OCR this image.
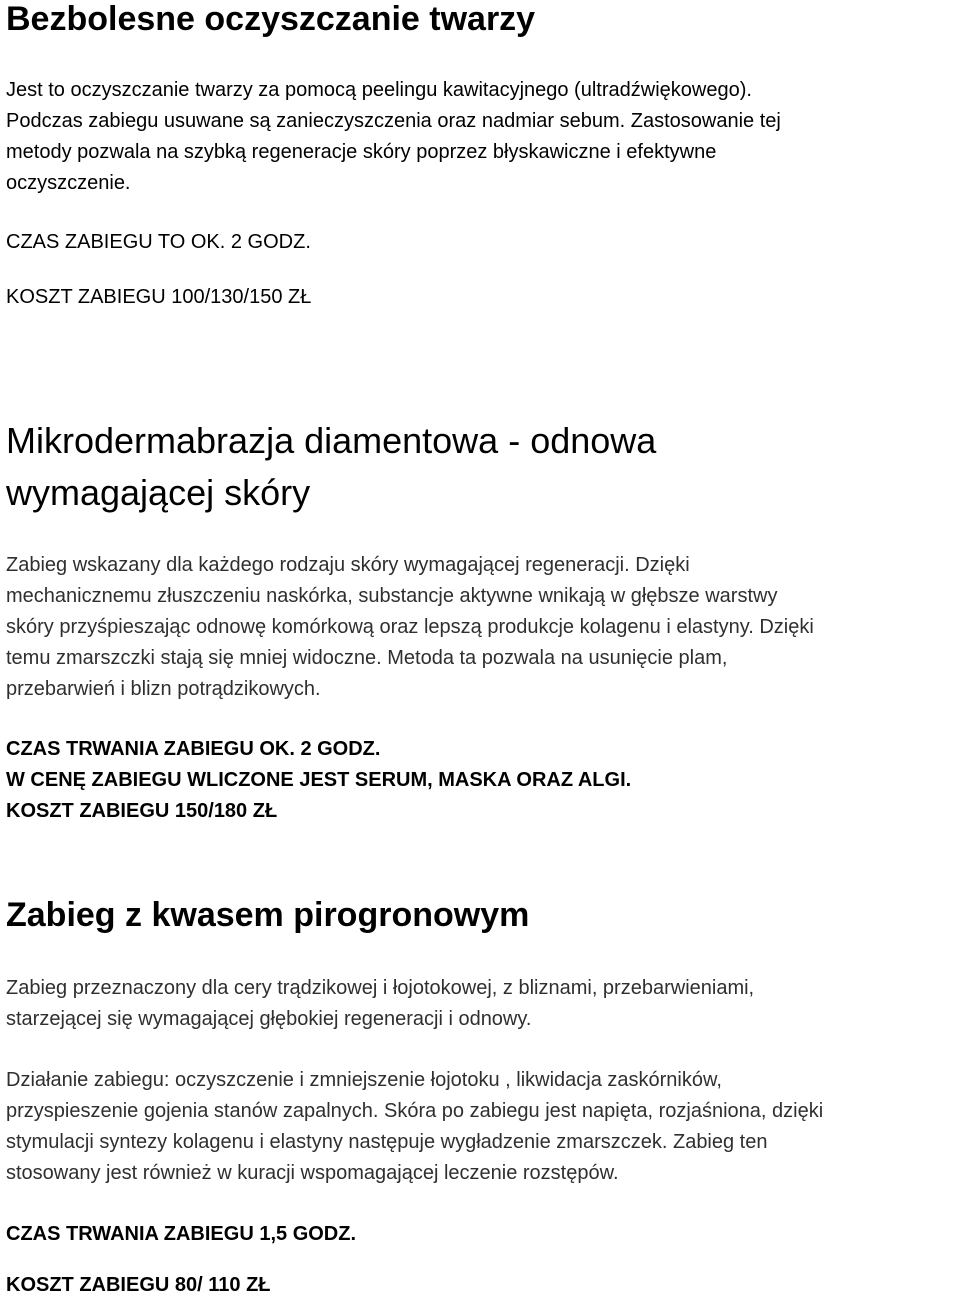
Bezbolesne oczyszczanie twarzy

Jest to oczyszczanie twarzy za pomocą peelingu kawitacyjnego (ultradźwiękowego).

Podczas zabiegu usuwane są zanieczyszczenia oraz nadmiar sebum. Zastosowanie tej

metody pozwala na szybką regeneracje skóry poprzez błyskawiczne i efektywne

oczyszczenie.

CZAS ZABIEGU TO OK. 2 GODZ.

KOSZT ZABIEGU 100/130/150 ZŁ

Mikrodermabrazja diamentowa - odnowa
wymagającej skóry

Zabieg wskazany dla każdego rodzaju skóry wymagającej regeneracji. Dzięki

mechanicznemu złuszczeniu naskórka, substancje aktywne wnikają w głębsze warstwy

skóry przyśpieszając odnowę komórkową oraz lepszą produkcje kolagenu i elastyny. Dzięki

temu zmarszczki stają się mniej widoczne. Metoda ta pozwala na usunięcie plam,

przebarwień i blizn potrądzikowych.

CZAS TRWANIA ZABIEGU OK. 2 GODZ.

W CENĘ ZABIEGU WLICZONE JEST SERUM, MASKA ORAZ ALGI.

KOSZT ZABIEGU 150/180 ZŁ

Zabieg z kwasem pirogronowym

Zabieg przeznaczony dla cery trądzikowej i łojotokowej, z bliznami, przebarwieniami,

starzejącej się wymagającej głębokiej regeneracji i odnowy.

Działanie zabiegu: oczyszczenie i zmniejszenie łojotoku , likwidacja zaskórników,

przyspieszenie gojenia stanów zapalnych. Skóra po zabiegu jest napięta, rozjaśniona, dzięki

stymulacji syntezy kolagenu i elastyny następuje wygładzenie zmarszczek. Zabieg ten

stosowany jest również w kuracji wspomagającej leczenie rozstępów.

CZAS TRWANIA ZABIEGU 1,5 GODZ.

KOSZT ZABIEGU 80/ 110 ZŁ
